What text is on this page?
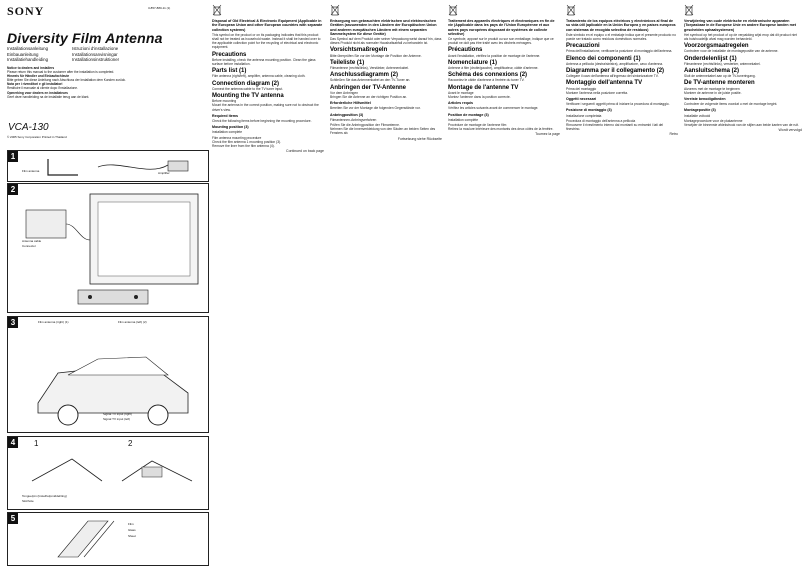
SONY	3-857-880-11 (1)
Diversity Film Antenna
Installationsanleitung
Einbauanleitung
Installatiehandleiding
Istruzioni d'installazione
Installationsanvisningar
Installationsinstruktioner
Notice to dealers and installers
Please return this manual to the customer after the installation is completed.
Hinweis für Händler und Einbaufachleute
Bitte geben Sie diese Anleitung nach Abschluss der Installation dem Kunden zurück.
Nota per i rivenditori e gli installatori
Restituire il manuale al cliente dopo l'installazione.
Opmerking voor dealers en installateurs
Geef deze handleiding na de installatie terug aan de klant.
VCA-130
© 2005 Sony Corporation Printed in Thailand
1
Film antenna	Amplifier
2
Antenna cable
Connector
3	Film antenna (right) (1)	Film antenna (left) (2)
Signal TV input (right)
Signal TV input (left)
4	1	2
Tongue/pin (Instelhulpmiddel/ting)
Slot/hole
5
Film
Glass
Sheet
Disposal of Old Electrical & Electronic Equipment (Applicable in the European Union and other European countries with separate collection systems)

This symbol on the product or on its packaging indicates that this product shall not be treated as household waste. Instead it shall be handed over to the applicable collection point for the recycling of electrical and electronic equipment.

Precautions

Before installing, check the antenna mounting position. Clean the glass surface before installation.

Parts list (1)

Film antenna (right/left), amplifier, antenna cable, cleaning cloth.

Connection diagram (2)

Connect the antenna cable to the TV tuner input.

Mounting the TV antenna

Before mounting
Mount the antenna in the correct position, making sure not to obstruct the driver's view.

Required items

Check the following items before beginning the mounting procedure.

Mounting position (3)

Installation complete

Film antenna mounting procedure
Check the film antenna 1 mounting position (3).
Remove the liner from the film antenna (4).

Continued on back page

Entsorgung von gebrauchten elektrischen und elektronischen Geräten (anzuwenden in den Ländern der Europäischen Union und anderen europäischen Ländern mit einem separaten Sammelsystem für diese Geräte)

Das Symbol auf dem Produkt oder seiner Verpackung weist darauf hin, dass dieses Produkt nicht als normaler Haushaltsabfall zu behandeln ist.

Vorsichtsmaßregeln

Bitte überprüfen Sie vor der Montage die Position der Antenne.

Teileliste (1)

Filmantenne (rechts/links), Verstärker, Antennenkabel.

Anschlussdiagramm (2)

Schließen Sie das Antennenkabel an den TV-Tuner an.

Anbringen der TV-Antenne

Vor dem Anbringen
Bringen Sie die Antenne an der richtigen Position an.

Erforderliche Hilfsmittel

Bereiten Sie vor der Montage die folgenden Gegenstände vor.

Anbringposition (3)

Filmantennen-Anbringverfahren

Prüfen Sie die Anbringposition der Filmantenne.
Nehmen Sie die Innenverkleidung von den Säulen an beiden Seiten des Fensters ab.

Fortsetzung siehe Rückseite

Traitement des appareils électriques et électroniques en fin de vie (Applicable dans les pays de l'Union Européenne et aux autres pays européens disposant de systèmes de collecte sélective)

Ce symbole, apposé sur le produit ou sur son emballage, indique que ce produit ne doit pas être traité avec les déchets ménagers.

Précautions

Avant l'installation, vérifiez la position de montage de l'antenne.

Nomenclature (1)

Antenne à film (droite/gauche), amplificateur, câble d'antenne.

Schéma des connexions (2)

Raccordez le câble d'antenne à l'entrée du tuner TV.

Montage de l'antenne TV

Avant le montage
Montez l'antenne dans la position correcte.

Articles requis

Vérifiez les articles suivants avant de commencer le montage.

Position de montage (3)

Installation complète

Procédure de montage de l'antenne film
Retirez la moulure intérieure des montants des deux côtés de la fenêtre.

Tournez la page

Tratamiento de los equipos eléctricos y electrónicos al final de su vida útil (aplicable en la Unión Europea y en países europeos con sistemas de recogida selectiva de residuos)

Este símbolo en el equipo o el embalaje indica que el presente producto no puede ser tratado como residuos domésticos normales.

Precauzioni

Prima dell'installazione, verificare la posizione di montaggio dell'antenna.

Elenco dei componenti (1)

Antenna a pellicola (destra/sinistra), amplificatore, cavo d'antenna.

Diagramma per il collegamento (2)

Collegare il cavo dell'antenna all'ingresso del sintonizzatore TV.

Montaggio dell'antenna TV

Prima del montaggio
Montare l'antenna nella posizione corretta.

Oggetti necessari

Verificare i seguenti oggetti prima di iniziare la procedura di montaggio.

Posizione di montaggio (3)

Installazione completata

Procedura di montaggio dell'antenna a pellicola
Rimuovere il rivestimento interno dai montanti su entrambi i lati del finestrino.

Retro

Verwijdering van oude elektrische en elektronische apparaten (Toepasbaar in de Europese Unie en andere Europese landen met gescheiden ophaalsystemen)

Het symbool op het product of op de verpakking wijst erop dat dit product niet als huishoudelijk afval mag worden behandeld.

Voorzorgsmaatregelen

Controleer voor de installatie de montagepositie van de antenne.

Onderdelenlijst (1)

Filmantenne (rechts/links), versterker, antennekabel.

Aansluitschema (2)

Sluit de antennekabel aan op de TV-tuneringang.

De TV-antenne monteren

Alvorens met de montage te beginnen
Monteer de antenne in de juiste positie.

Vereiste benodigdheden

Controleer de volgende items voordat u met de montage begint.

Montagepositie (3)

Installatie voltooid

Montageprocedure voor de plakantenne
Verwijder de binnenste afdekstrook van de stijlen aan beide kanten van de ruit.

Wordt vervolgd
